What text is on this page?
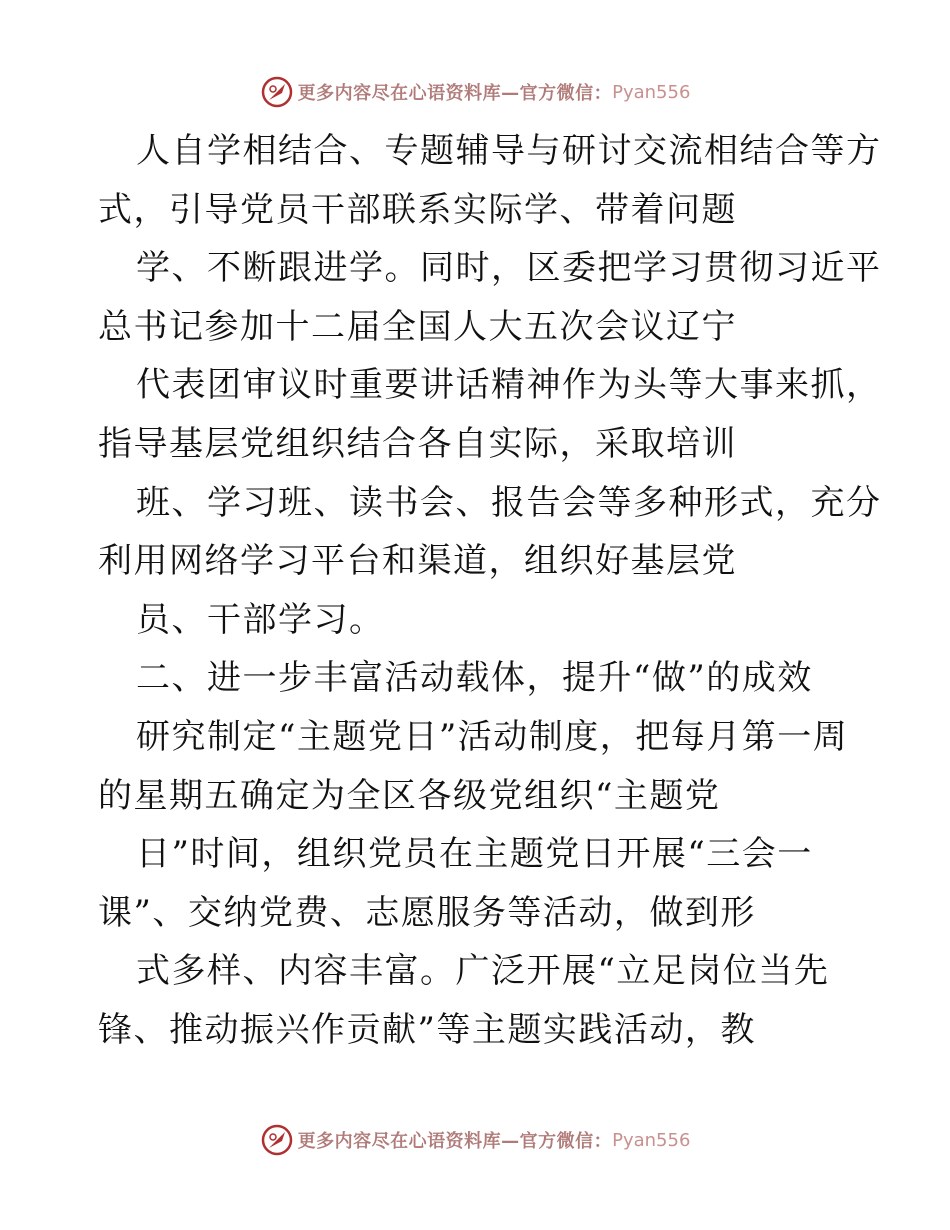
更多内容尽在心语资料库—官方微信： Pyan556
人自学相结合、专题辅导与研讨交流相结合等方
式，引导党员干部联系实际学、带着问题
学、不断跟进学。同时，区委把学习贯彻习近平
总书记参加十二届全国人大五次会议辽宁
代表团审议时重要讲话精神作为头等大事来抓，
指导基层党组织结合各自实际，采取培训
班、学习班、读书会、报告会等多种形式，充分
利用网络学习平台和渠道，组织好基层党
员、干部学习。
二、进一步丰富活动载体，提升“做”的成效
研究制定“主题党日”活动制度，把每月第一周
的星期五确定为全区各级党组织“主题党
日”时间，组织党员在主题党日开展“三会一
课”、交纳党费、志愿服务等活动，做到形
式多样、内容丰富。广泛开展“立足岗位当先
锋、推动振兴作贡献”等主题实践活动，教
更多内容尽在心语资料库—官方微信： Pyan556
